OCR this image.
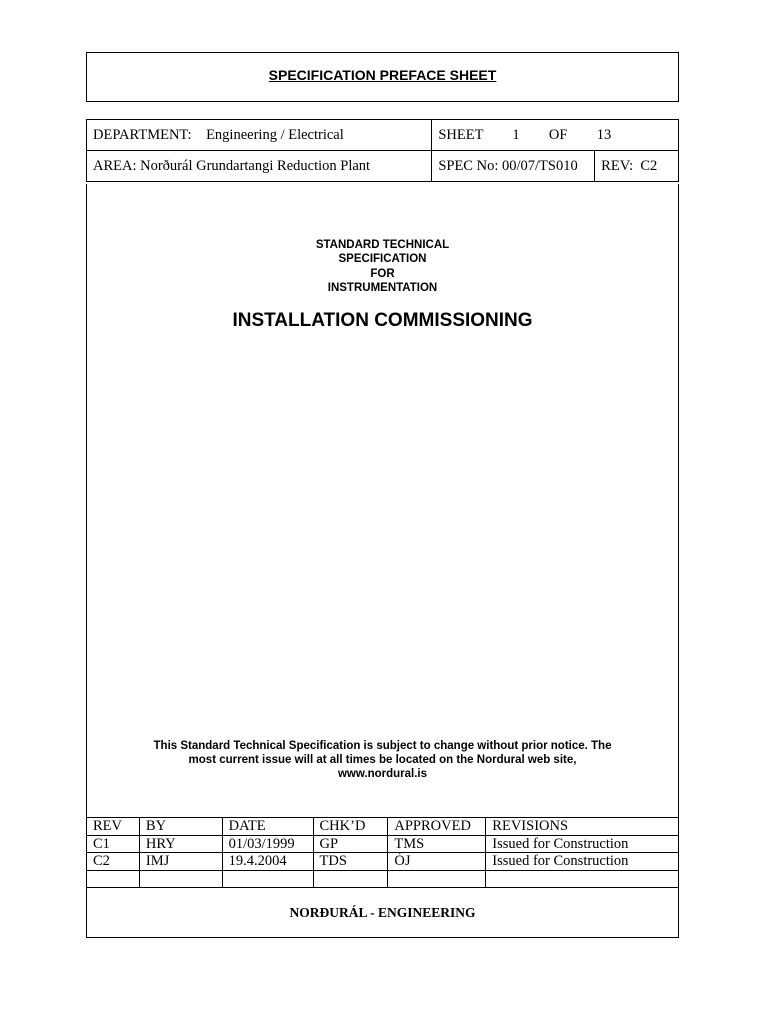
SPECIFICATION PREFACE SHEET
DEPARTMENT: Engineering / Electrical	SHEET 1 OF 13	
AREA: Norðurál Grundartangi Reduction Plant	SPEC No: 00/07/TS010	REV:  C2
STANDARD TECHNICAL
SPECIFICATION
FOR
INSTRUMENTATION
INSTALLATION COMMISSIONING
This Standard Technical Specification is subject to change without prior notice. The
most current issue will at all times be located on the Nordural web site,
www.nordural.is
REV	BY	DATE	CHK’D	APPROVED	REVISIONS
C1	HRY	01/03/1999	GP	TMS	Issued for Construction
C2	IMJ	19.4.2004	TDS	ÓJ	Issued for Construction

NORÐURÁL - ENGINEERING
